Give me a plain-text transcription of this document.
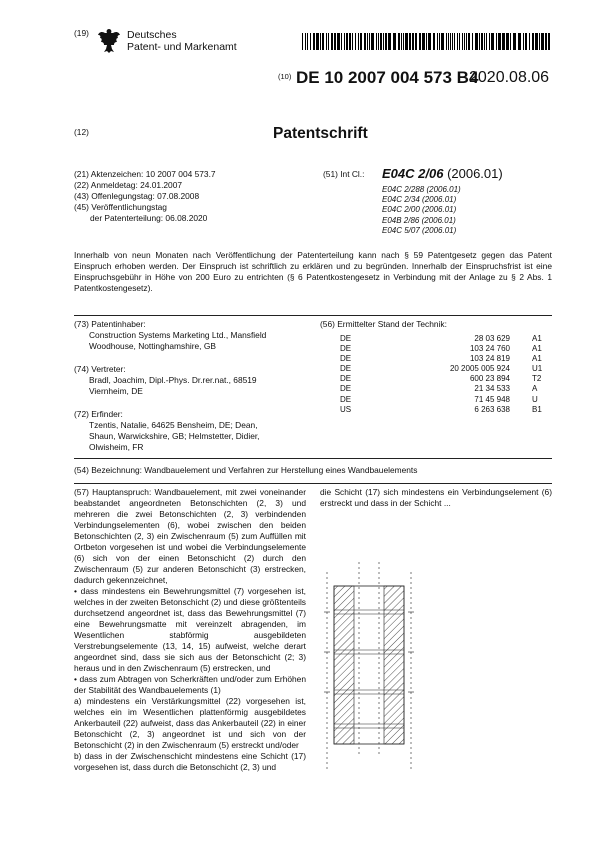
(19)	Deutsches
Patent- und Markenamt
(10) DE 10 2007 004 573 B4
2020.08.06
(12)	Patentschrift
(21) Aktenzeichen: 10 2007 004 573.7
(22) Anmeldetag: 24.01.2007
(43) Offenlegungstag: 07.08.2008
(45) Veröffentlichungstag
der Patenterteilung: 06.08.2020
(51) Int Cl.: E04C 2/06 (2006.01)
E04C 2/288 (2006.01)
E04C 2/34 (2006.01)
E04C 2/00 (2006.01)
E04B 2/86 (2006.01)
E04C 5/07 (2006.01)
Innerhalb von neun Monaten nach Veröffentlichung der Patenterteilung kann nach § 59 Patentgesetz gegen das Patent Einspruch erhoben werden. Der Einspruch ist schriftlich zu erklären und zu begründen. Innerhalb der Einspruchsfrist ist eine Einspruchsgebühr in Höhe von 200 Euro zu entrichten (§ 6 Patentkostengesetz in Verbindung mit der Anlage zu § 2 Abs. 1 Patentkostengesetz).
(73) Patentinhaber:
Construction Systems Marketing Ltd., Mansfield
Woodhouse, Nottinghamshire, GB
(74) Vertreter:
Bradl, Joachim, Dipl.-Phys. Dr.rer.nat., 68519
Viernheim, DE
(72) Erfinder:
Tzentis, Natalie, 64625 Bensheim, DE; Dean,
Shaun, Warwickshire, GB; Helmstetter, Didier,
Olwisheim, FR
(56) Ermittelter Stand der Technik:
DE	28 03 629	A1
DE	103 24 760	A1
DE	103 24 819	A1
DE	20 2005 005 924	U1
DE	600 23 894	T2
DE	21 34 533	A
DE	71 45 948	U
US	6 263 638	B1
(54) Bezeichnung: Wandbauelement und Verfahren zur Herstellung eines Wandbauelements
(57) Hauptanspruch: Wandbauelement, mit zwei voneinander beabstandet angeordneten Betonschichten (2, 3) und mehreren die zwei Betonschichten (2, 3) verbindenden Verbindungselementen (6), wobei zwischen den beiden Betonschichten (2, 3) ein Zwischenraum (5) zum Auffüllen mit Ortbeton vorgesehen ist und wobei die Verbindungselemente (6) sich von der einen Betonschicht (2) durch den Zwischenraum (5) zur anderen Betonschicht (3) erstrecken, dadurch gekennzeichnet,
• dass mindestens ein Bewehrungsmittel (7) vorgesehen ist, welches in der zweiten Betonschicht (2) und diese größtenteils durchsetzend angeordnet ist, dass das Bewehrungsmittel (7) eine Bewehrungsmatte mit vereinzelt abragenden, im Wesentlichen stabförmig ausgebildeten Verstrebungselemente (13, 14, 15) aufweist, welche derart angeordnet sind, dass sie sich aus der Betonschicht (2; 3) heraus und in den Zwischenraum (5) erstrecken, und
• dass zum Abtragen von Scherkräften und/oder zum Erhöhen der Stabilität des Wandbauelements (1)
a) mindestens ein Verstärkungsmittel (22) vorgesehen ist, welches ein im Wesentlichen plattenförmig ausgebildetes Ankerbauteil (22) aufweist, dass das Ankerbauteil (22) in einer Betonschicht (2, 3) angeordnet ist und sich von der Betonschicht (2) in den Zwischenraum (5) erstreckt und/oder
b) dass in der Zwischenschicht mindestens eine Schicht (17) vorgesehen ist, dass durch die Betonschicht (2, 3) und
die Schicht (17) sich mindestens ein Verbindungselement (6) erstreckt und dass in der Schicht ...
